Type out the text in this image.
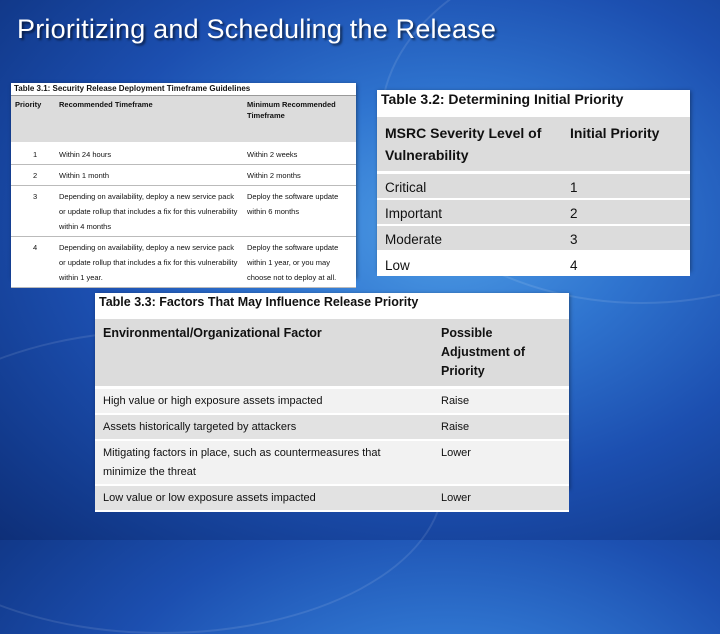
Prioritizing and Scheduling the Release
Table 3.1: Security Release Deployment Timeframe Guidelines
Priority	Recommended Timeframe	Minimum Recommended Timeframe
1	Within 24 hours	Within 2 weeks
2	Within 1 month	Within 2 months
3	Depending on availability, deploy a new service pack or update rollup that includes a fix for this vulnerability within 4 months	Deploy the software update within 6 months
4	Depending on availability, deploy a new service pack or update rollup that includes a fix for this vulnerability within 1 year.	Deploy the software update within 1 year, or you may choose not to deploy at all.
Table 3.2: Determining Initial Priority
MSRC Severity Level of Vulnerability	Initial Priority
Critical	1
Important	2
Moderate	3
Low	4
Table 3.3: Factors That May Influence Release Priority
Environmental/Organizational Factor	Possible Adjustment of Priority
High value or high exposure assets impacted	Raise
Assets historically targeted by attackers	Raise
Mitigating factors in place, such as countermeasures that minimize the threat	Lower
Low value or low exposure assets impacted	Lower
